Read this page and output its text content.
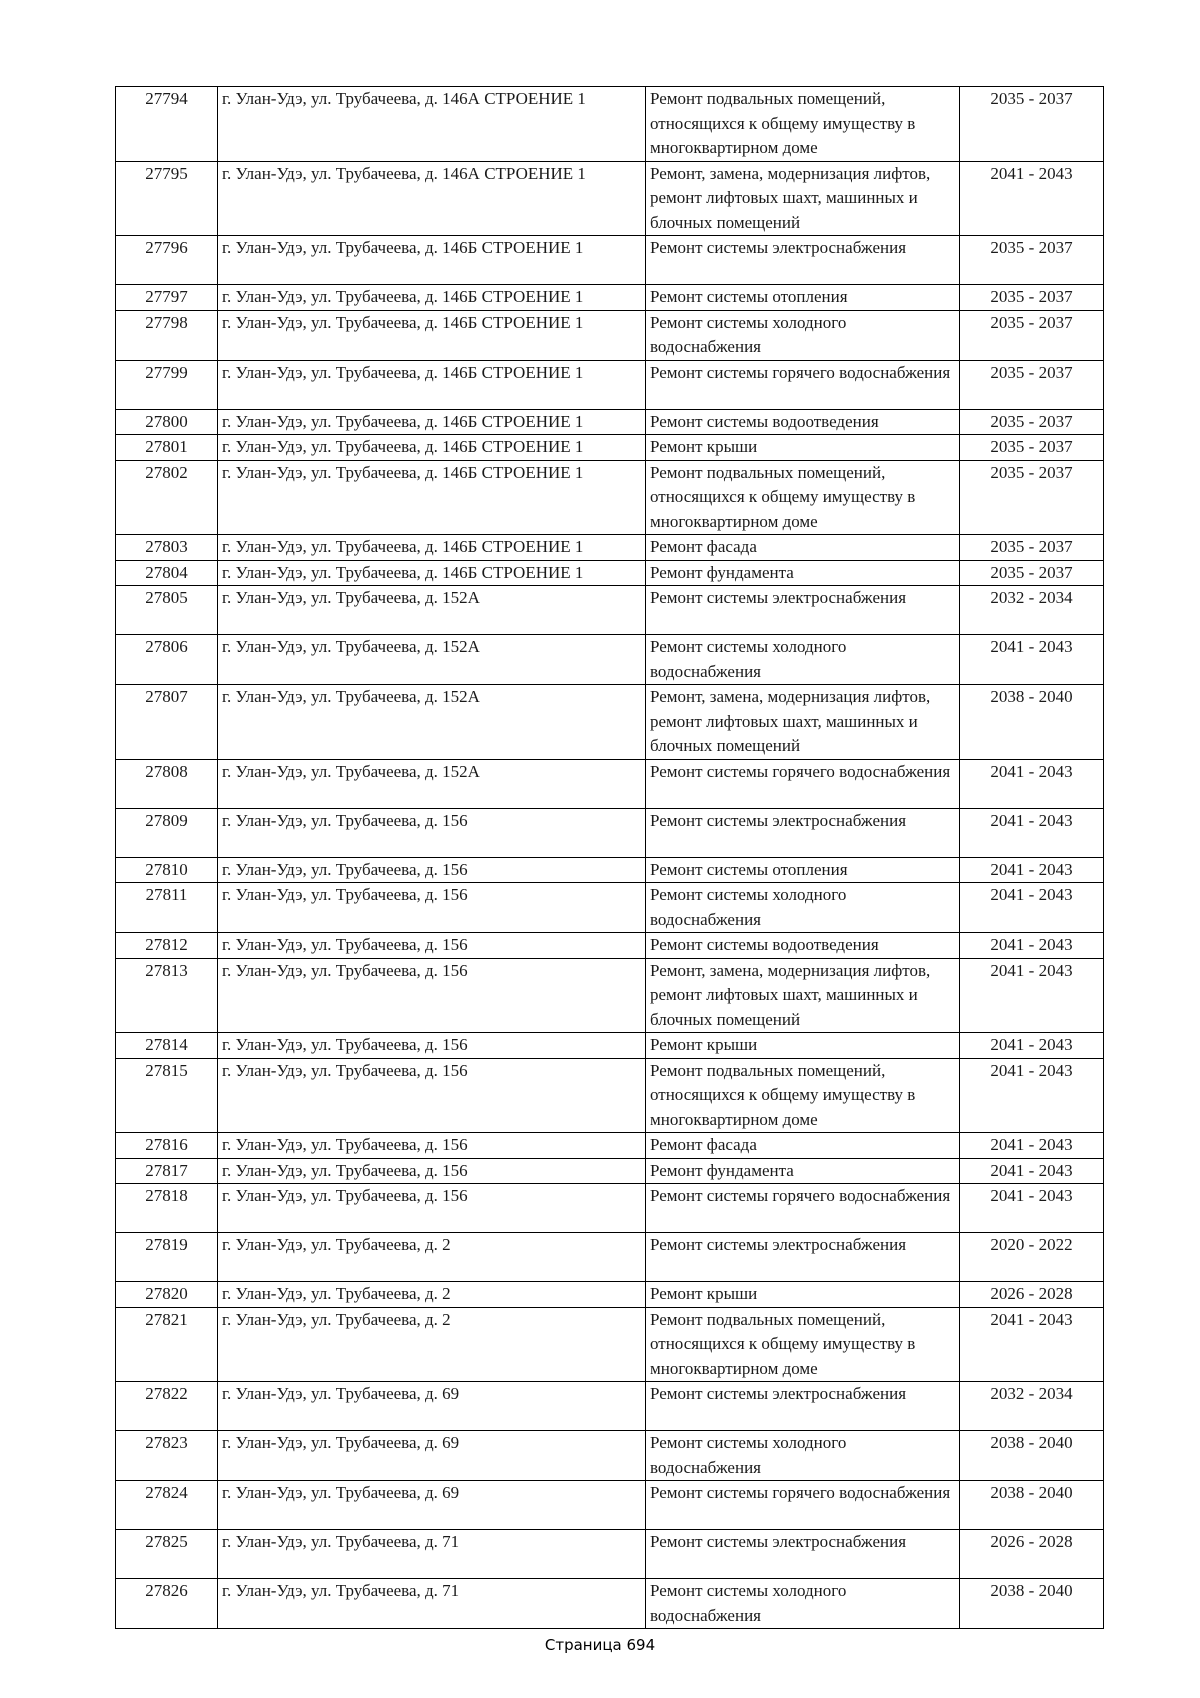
27794	г. Улан-Удэ, ул. Трубачеева, д. 146А СТРОЕНИЕ 1	Ремонт подвальных помещений, относящихся к общему имуществу в многоквартирном доме	2035 - 2037
27795	г. Улан-Удэ, ул. Трубачеева, д. 146А СТРОЕНИЕ 1	Ремонт, замена, модернизация лифтов, ремонт лифтовых шахт, машинных и блочных помещений	2041 - 2043
27796	г. Улан-Удэ, ул. Трубачеева, д. 146Б СТРОЕНИЕ 1	Ремонт системы электроснабжения	2035 - 2037
27797	г. Улан-Удэ, ул. Трубачеева, д. 146Б СТРОЕНИЕ 1	Ремонт системы отопления	2035 - 2037
27798	г. Улан-Удэ, ул. Трубачеева, д. 146Б СТРОЕНИЕ 1	Ремонт системы холодного водоснабжения	2035 - 2037
27799	г. Улан-Удэ, ул. Трубачеева, д. 146Б СТРОЕНИЕ 1	Ремонт системы горячего водоснабжения	2035 - 2037
27800	г. Улан-Удэ, ул. Трубачеева, д. 146Б СТРОЕНИЕ 1	Ремонт системы водоотведения	2035 - 2037
27801	г. Улан-Удэ, ул. Трубачеева, д. 146Б СТРОЕНИЕ 1	Ремонт крыши	2035 - 2037
27802	г. Улан-Удэ, ул. Трубачеева, д. 146Б СТРОЕНИЕ 1	Ремонт подвальных помещений, относящихся к общему имуществу в многоквартирном доме	2035 - 2037
27803	г. Улан-Удэ, ул. Трубачеева, д. 146Б СТРОЕНИЕ 1	Ремонт фасада	2035 - 2037
27804	г. Улан-Удэ, ул. Трубачеева, д. 146Б СТРОЕНИЕ 1	Ремонт фундамента	2035 - 2037
27805	г. Улан-Удэ, ул. Трубачеева, д. 152А	Ремонт системы электроснабжения	2032 - 2034
27806	г. Улан-Удэ, ул. Трубачеева, д. 152А	Ремонт системы холодного водоснабжения	2041 - 2043
27807	г. Улан-Удэ, ул. Трубачеева, д. 152А	Ремонт, замена, модернизация лифтов, ремонт лифтовых шахт, машинных и блочных помещений	2038 - 2040
27808	г. Улан-Удэ, ул. Трубачеева, д. 152А	Ремонт системы горячего водоснабжения	2041 - 2043
27809	г. Улан-Удэ, ул. Трубачеева, д. 156	Ремонт системы электроснабжения	2041 - 2043
27810	г. Улан-Удэ, ул. Трубачеева, д. 156	Ремонт системы отопления	2041 - 2043
27811	г. Улан-Удэ, ул. Трубачеева, д. 156	Ремонт системы холодного водоснабжения	2041 - 2043
27812	г. Улан-Удэ, ул. Трубачеева, д. 156	Ремонт системы водоотведения	2041 - 2043
27813	г. Улан-Удэ, ул. Трубачеева, д. 156	Ремонт, замена, модернизация лифтов, ремонт лифтовых шахт, машинных и блочных помещений	2041 - 2043
27814	г. Улан-Удэ, ул. Трубачеева, д. 156	Ремонт крыши	2041 - 2043
27815	г. Улан-Удэ, ул. Трубачеева, д. 156	Ремонт подвальных помещений, относящихся к общему имуществу в многоквартирном доме	2041 - 2043
27816	г. Улан-Удэ, ул. Трубачеева, д. 156	Ремонт фасада	2041 - 2043
27817	г. Улан-Удэ, ул. Трубачеева, д. 156	Ремонт фундамента	2041 - 2043
27818	г. Улан-Удэ, ул. Трубачеева, д. 156	Ремонт системы горячего водоснабжения	2041 - 2043
27819	г. Улан-Удэ, ул. Трубачеева, д. 2	Ремонт системы электроснабжения	2020 - 2022
27820	г. Улан-Удэ, ул. Трубачеева, д. 2	Ремонт крыши	2026 - 2028
27821	г. Улан-Удэ, ул. Трубачеева, д. 2	Ремонт подвальных помещений, относящихся к общему имуществу в многоквартирном доме	2041 - 2043
27822	г. Улан-Удэ, ул. Трубачеева, д. 69	Ремонт системы электроснабжения	2032 - 2034
27823	г. Улан-Удэ, ул. Трубачеева, д. 69	Ремонт системы холодного водоснабжения	2038 - 2040
27824	г. Улан-Удэ, ул. Трубачеева, д. 69	Ремонт системы горячего водоснабжения	2038 - 2040
27825	г. Улан-Удэ, ул. Трубачеева, д. 71	Ремонт системы электроснабжения	2026 - 2028
27826	г. Улан-Удэ, ул. Трубачеева, д. 71	Ремонт системы холодного водоснабжения	2038 - 2040
Страница 694
